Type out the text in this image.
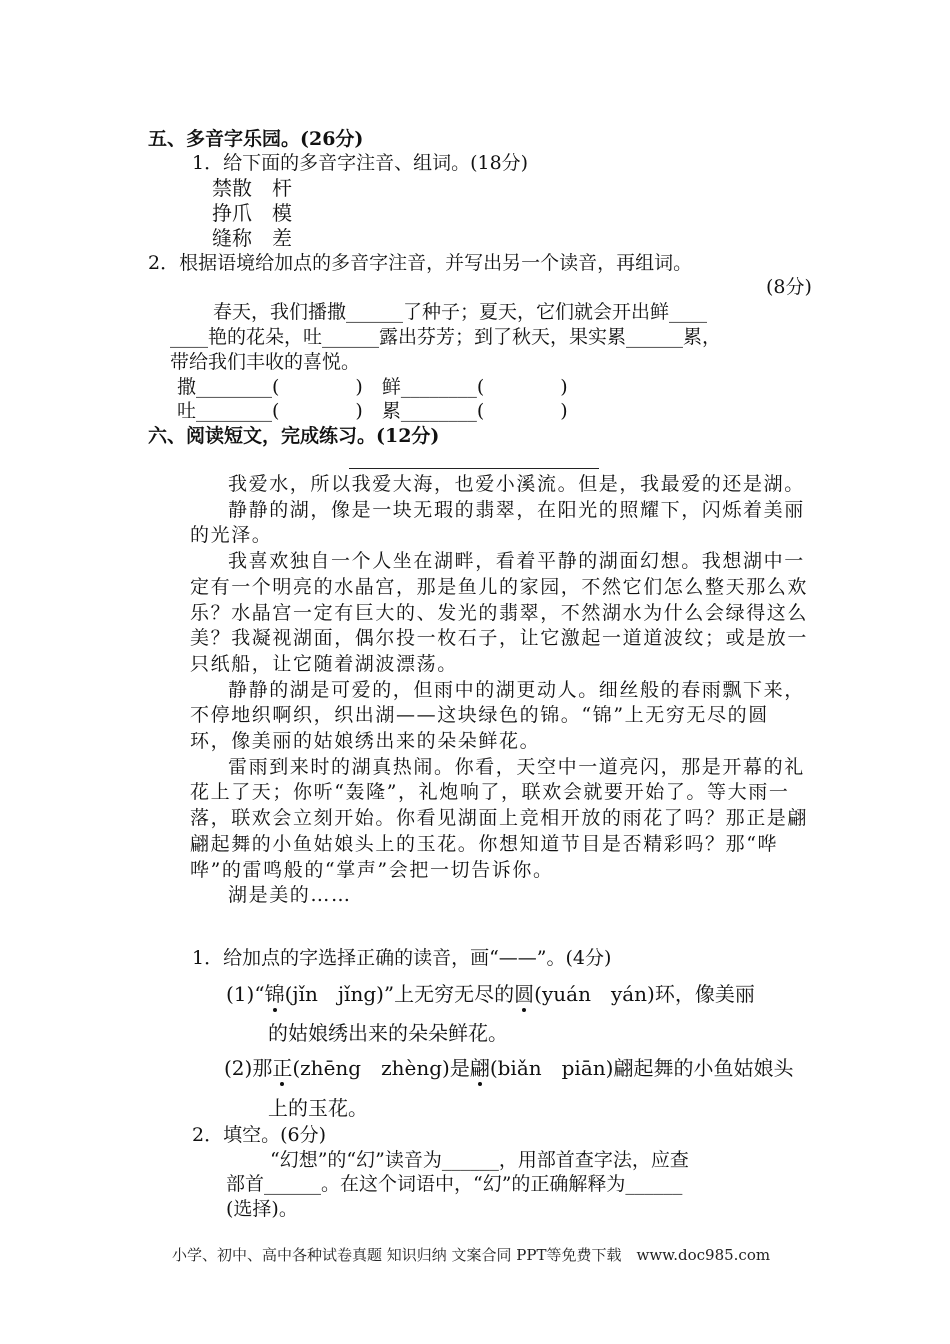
五、多音字乐园。(26分)
1．给下面的多音字注音、组词。(18分)
禁散　杆
挣爪　模
缝称　差
2．根据语境给加点的多音字注音，并写出另一个读音，再组词。
(8分)
春天，我们播撒______了种子；夏天，它们就会开出鲜____
____艳的花朵，吐______露出芬芳；到了秋天，果实累______累，
带给我们丰收的喜悦。
撒________(　　　　)　鲜________(　　　　)
吐________(　　　　)　累________(　　　　)
六、阅读短文，完成练习。(12分)

我爱水，所以我爱大海，也爱小溪流。但是，我最爱的还是湖。

静静的湖，像是一块无瑕的翡翠，在阳光的照耀下，闪烁着美丽的光泽。

我喜欢独自一个人坐在湖畔，看着平静的湖面幻想。我想湖中一定有一个明亮的水晶宫，那是鱼儿的家园，不然它们怎么整天那么欢乐？水晶宫一定有巨大的、发光的翡翠，不然湖水为什么会绿得这么美？我凝视湖面，偶尔投一枚石子，让它激起一道道波纹；或是放一只纸船，让它随着湖波漂荡。

静静的湖是可爱的，但雨中的湖更动人。细丝般的春雨飘下来，不停地织啊织，织出湖——这块绿色的锦。“锦”上无穷无尽的圆环，像美丽的姑娘绣出来的朵朵鲜花。

雷雨到来时的湖真热闹。你看，天空中一道亮闪，那是开幕的礼花上了天；你听“轰隆”，礼炮响了，联欢会就要开始了。等大雨一落，联欢会立刻开始。你看见湖面上竞相开放的雨花了吗？那正是翩翩起舞的小鱼姑娘头上的玉花。你想知道节目是否精彩吗？那“哗哗”的雷鸣般的“掌声”会把一切告诉你。

湖是美的……

1．给加点的字选择正确的读音，画“——”。(4分)
(1)“锦(jǐn　jǐng)”上无穷无尽的圆(yuán　yán)环，像美丽
的姑娘绣出来的朵朵鲜花。
(2)那正(zhēng　zhèng)是翩(biǎn　piān)翩起舞的小鱼姑娘头
上的玉花。
2．填空。(6分)
“幻想”的“幻”读音为______，用部首查字法，应查
部首______。在这个词语中，“幻”的正确解释为______
(选择)。
小学、初中、高中各种试卷真题 知识归纳 文案合同 PPT等免费下载　www.doc985.com
